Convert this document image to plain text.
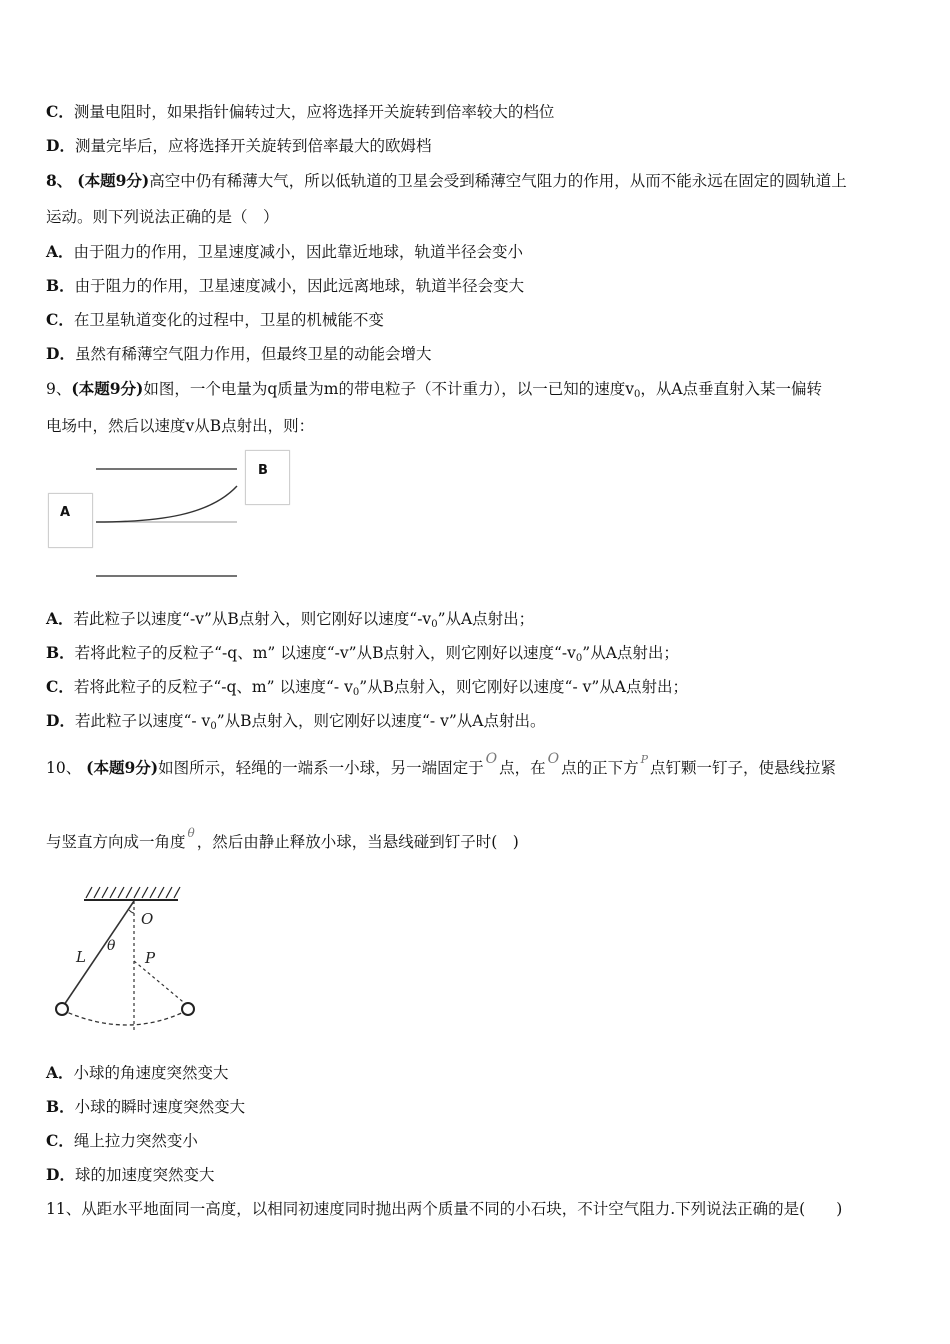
C．测量电阻时，如果指针偏转过大，应将选择开关旋转到倍率较大的档位
D．测量完毕后，应将选择开关旋转到倍率最大的欧姆档
8、 (本题9分)高空中仍有稀薄大气，所以低轨道的卫星会受到稀薄空气阻力的作用，从而不能永远在固定的圆轨道上
运动。则下列说法正确的是（　）
A．由于阻力的作用，卫星速度减小，因此靠近地球，轨道半径会变小
B．由于阻力的作用，卫星速度减小，因此远离地球，轨道半径会变大
C．在卫星轨道变化的过程中，卫星的机械能不变
D．虽然有稀薄空气阻力作用，但最终卫星的动能会增大
9、(本题9分)如图，一个电量为q质量为m的带电粒子（不计重力），以一已知的速度$v_0$，从A点垂直射入某一偏转
电场中，然后以速度v从B点射出，则：
A
B
A．若此粒子以速度“-v”从B点射入，则它刚好以速度“$-v_0$”从A点射出；
B．若将此粒子的反粒子“-q、m” 以速度“-v”从B点射入，则它刚好以速度“$-v_0$”从A点射出；
C．若将此粒子的反粒子“-q、m” 以速度“- $v_0$”从B点射入，则它刚好以速度“- v”从A点射出；
D．若此粒子以速度“- $v_0$”从B点射入，则它刚好以速度“- v”从A点射出。
10、 (本题9分)如图所示，轻绳的一端系一小球，另一端固定于 O 点，在 O 点的正下方 $^P$ 点钉颗一钉子，使悬线拉紧
与竖直方向成一角度 $^\theta$ ，然后由静止释放小球，当悬线碰到钉子时(　)
O
L
θ
P
A．小球的角速度突然变大
B．小球的瞬时速度突然变大
C．绳上拉力突然变小
D．球的加速度突然变大
11、从距水平地面同一高度，以相同初速度同时抛出两个质量不同的小石块，不计空气阻力.下列说法正确的是(　　)
